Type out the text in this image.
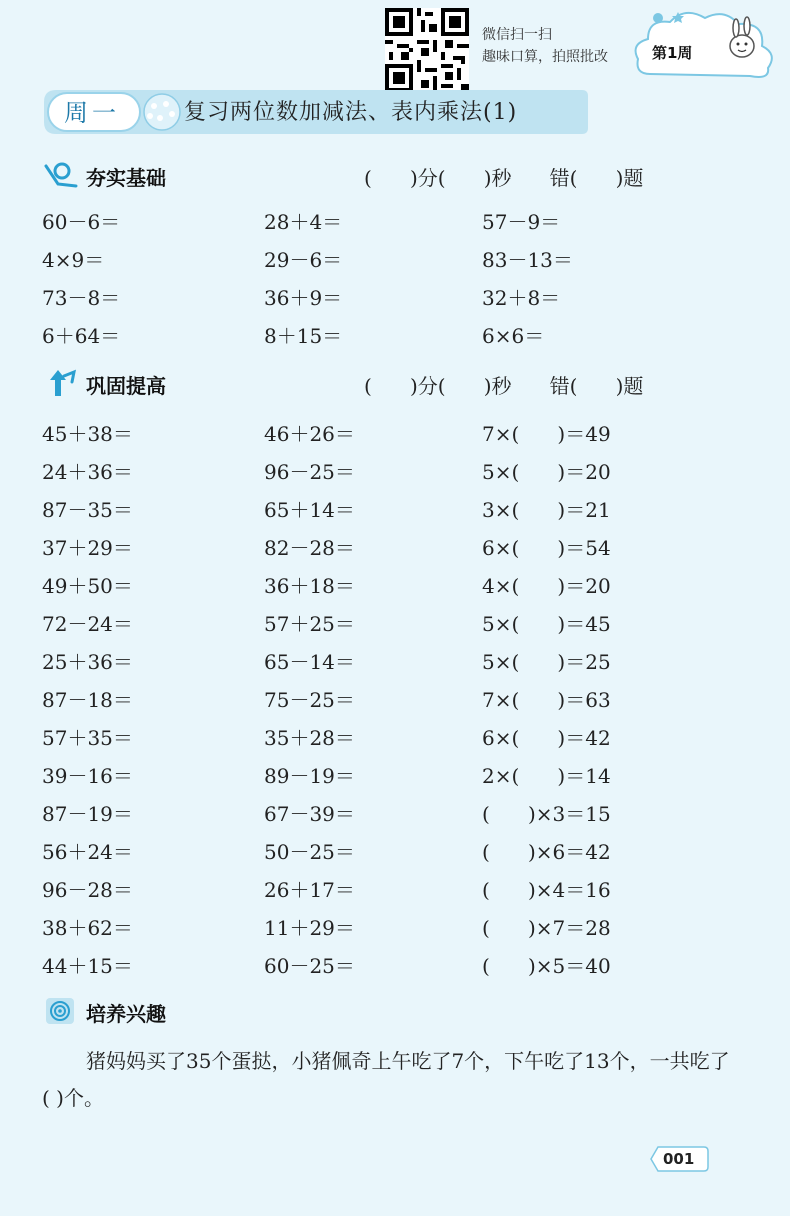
微信扫一扫
趣味口算，拍照批改	第1周
周一	复习两位数加减法、表内乘法(1)
夯实基础	(      )分(      )秒      错(      )题
60－6＝	28＋4＝	57－9＝
4×9＝	29－6＝	83－13＝
73－8＝	36＋9＝	32＋8＝
6＋64＝	8＋15＝	6×6＝
巩固提高	(      )分(      )秒      错(      )题
45＋38＝	46＋26＝	7×(      )＝49
24＋36＝	96－25＝	5×(      )＝20
87－35＝	65＋14＝	3×(      )＝21
37＋29＝	82－28＝	6×(      )＝54
49＋50＝	36＋18＝	4×(      )＝20
72－24＝	57＋25＝	5×(      )＝45
25＋36＝	65－14＝	5×(      )＝25
87－18＝	75－25＝	7×(      )＝63
57＋35＝	35＋28＝	6×(      )＝42
39－16＝	89－19＝	2×(      )＝14
87－19＝	67－39＝	(      )×3＝15
56＋24＝	50－25＝	(      )×6＝42
96－28＝	26＋17＝	(      )×4＝16
38＋62＝	11＋29＝	(      )×7＝28
44＋15＝	60－25＝	(      )×5＝40
培养兴趣
猪妈妈买了35个蛋挞，小猪佩奇上午吃了7个，下午吃了13个，一共吃了( )个。
001
